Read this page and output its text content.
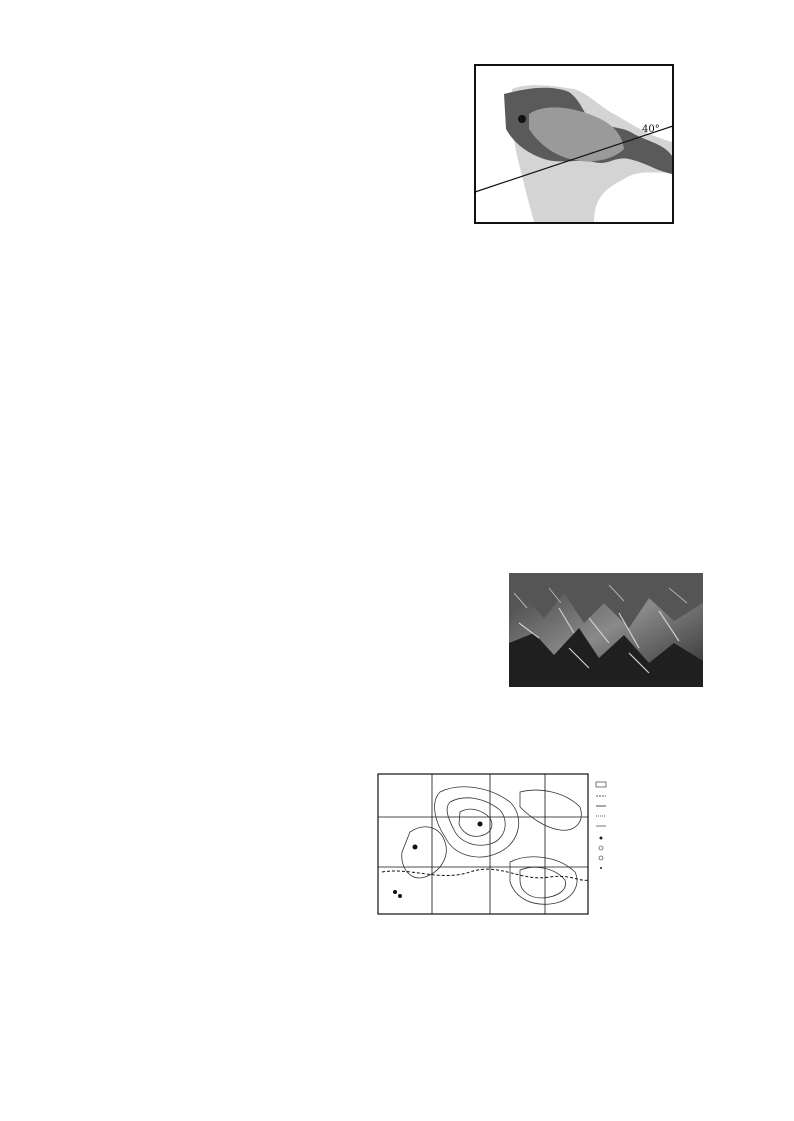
40°
